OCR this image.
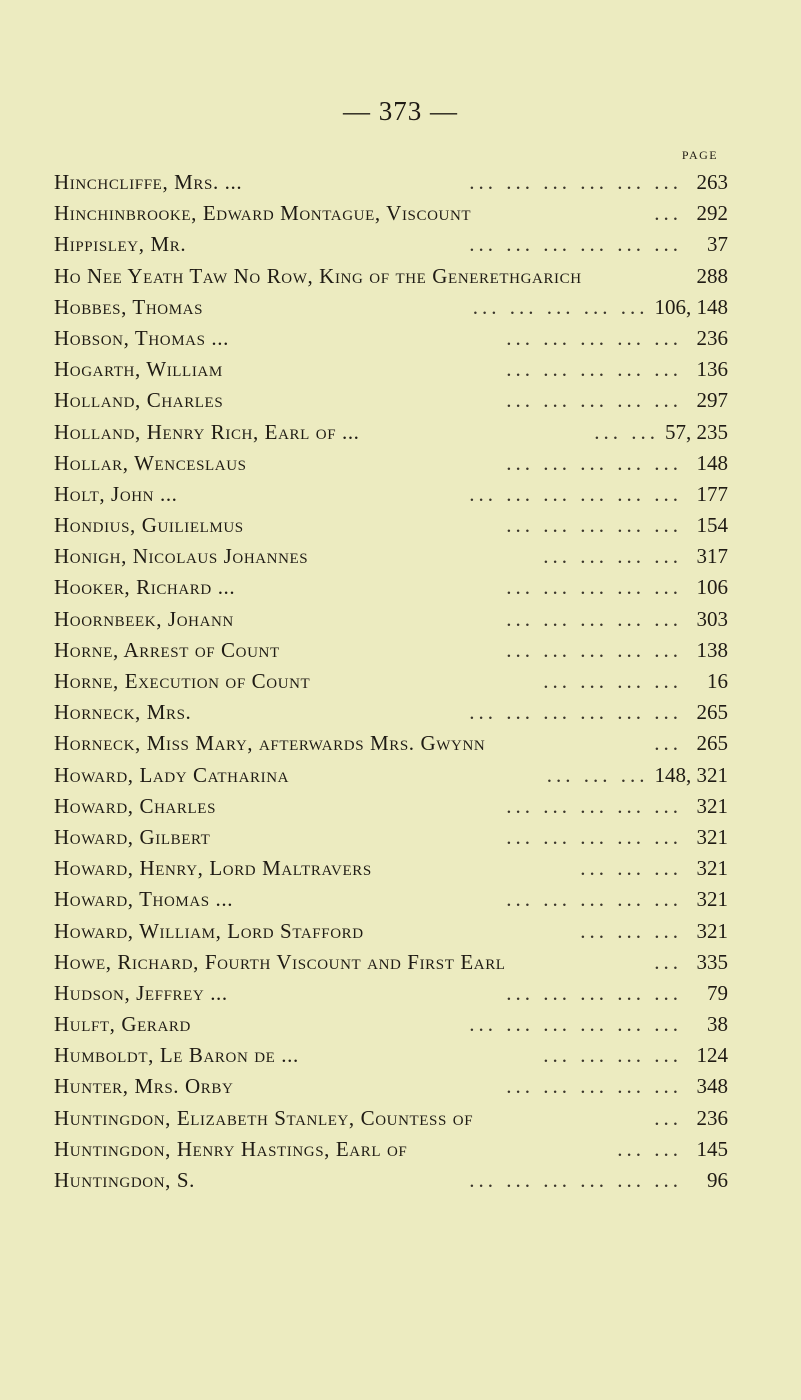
— 373 —
PAGE
Hinchcliffe, Mrs. ...	... ... ... ... ... ... 263
Hinchinbrooke, Edward Montague, Viscount	... 292
Hippisley, Mr.	... ... ... ... ... ...	37
Ho Nee Yeath Taw No Row, King of the Generethgarich	288
Hobbes, Thomas	... ... ... ... ... 106, 148
Hobson, Thomas ...	... ... ... ... ... 236
Hogarth, William	... ... ... ... ... 136
Holland, Charles	... ... ... ... ... 297
Holland, Henry Rich, Earl of ...	... ... 57, 235
Hollar, Wenceslaus	... ... ... ... ... 148
Holt, John ...	... ... ... ... ... ... 177
Hondius, Guilielmus	... ... ... ... ... 154
Honigh, Nicolaus Johannes	... ... ... ... 317
Hooker, Richard ...	... ... ... ... ... 106
Hoornbeek, Johann	... ... ... ... ... 303
Horne, Arrest of Count	... ... ... ... ... 138
Horne, Execution of Count	... ... ... ...	16
Horneck, Mrs.	... ... ... ... ... ... 265
Horneck, Miss Mary, afterwards Mrs. Gwynn	... 265
Howard, Lady Catharina	... ... ... 148, 321
Howard, Charles	... ... ... ... ... 321
Howard, Gilbert	... ... ... ... ... 321
Howard, Henry, Lord Maltravers	... ... ... 321
Howard, Thomas ...	... ... ... ... ... 321
Howard, William, Lord Stafford	... ... ... 321
Howe, Richard, Fourth Viscount and First Earl	... 335
Hudson, Jeffrey ...	... ... ... ... ...	79
Hulft, Gerard	... ... ... ... ... ...	38
Humboldt, Le Baron de ...	... ... ... ... 124
Hunter, Mrs. Orby	... ... ... ... ... 348
Huntingdon, Elizabeth Stanley, Countess of	... 236
Huntingdon, Henry Hastings, Earl of	... ... 145
Huntingdon, S.	... ... ... ... ... ...	96
